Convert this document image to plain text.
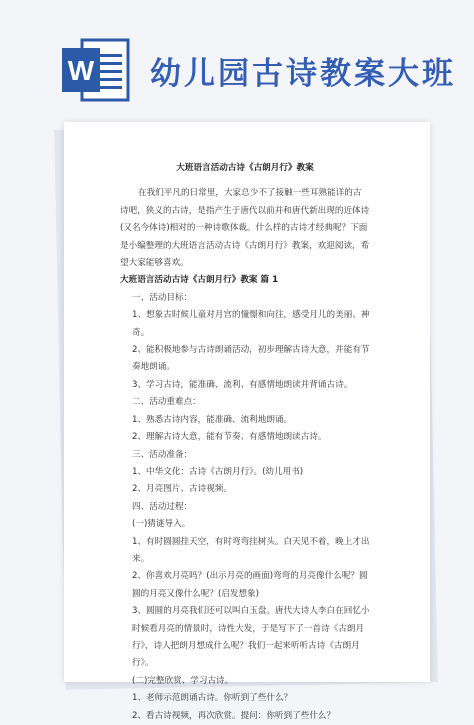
W 幼儿园古诗教案大班

大班语言活动古诗《古朗月行》教案

在我们平凡的日常里，大家总少不了接触一些耳熟能详的古诗吧，狭义的古诗，是指产生于唐代以前并和唐代新出现的近体诗(又名今体诗)相对的一种诗歌体裁。什么样的古诗才经典呢？下面是小编整理的大班语言活动古诗《古朗月行》教案，欢迎阅读，希望大家能够喜欢。

大班语言活动古诗《古朗月行》教案 篇 1

一、活动目标：

1、想象古时候儿童对月宫的憧憬和向往，感受月儿的美丽、神奇。

2、能积极地参与古诗朗诵活动，初步理解古诗大意，并能有节奏地朗诵。

3、学习古诗，能准确、流利、有感情地朗读并背诵古诗。

二、活动重难点：

1、熟悉古诗内容，能准确、流利地朗诵。

2、理解古诗大意，能有节奏、有感情地朗读古诗。

三、活动准备：

1、中华文化：古诗《古朗月行》。(幼儿用书)

2、月亮图片、古诗视频。

四、活动过程：

(一)猜谜导入。

1、有时圆圆挂天空，有时弯弯挂树头。白天见不着，晚上才出来。

2、你喜欢月亮吗？(出示月亮的画面)弯弯的月亮像什么呢？圆圆的月亮又像什么呢？(启发想象)

3、圆圆的月亮我们还可以叫白玉盘。唐代大诗人李白在回忆小时候看月亮的情景时，诗性大发，于是写下了一首诗《古朗月行》，诗人把朗月想成什么呢？我们一起来听听古诗《古朗月行》。

(二)完整欣赏、学习古诗。

1、老师示范朗诵古诗。你听到了些什么？

2、看古诗视频，再次欣赏。提问：你听到了些什么？
